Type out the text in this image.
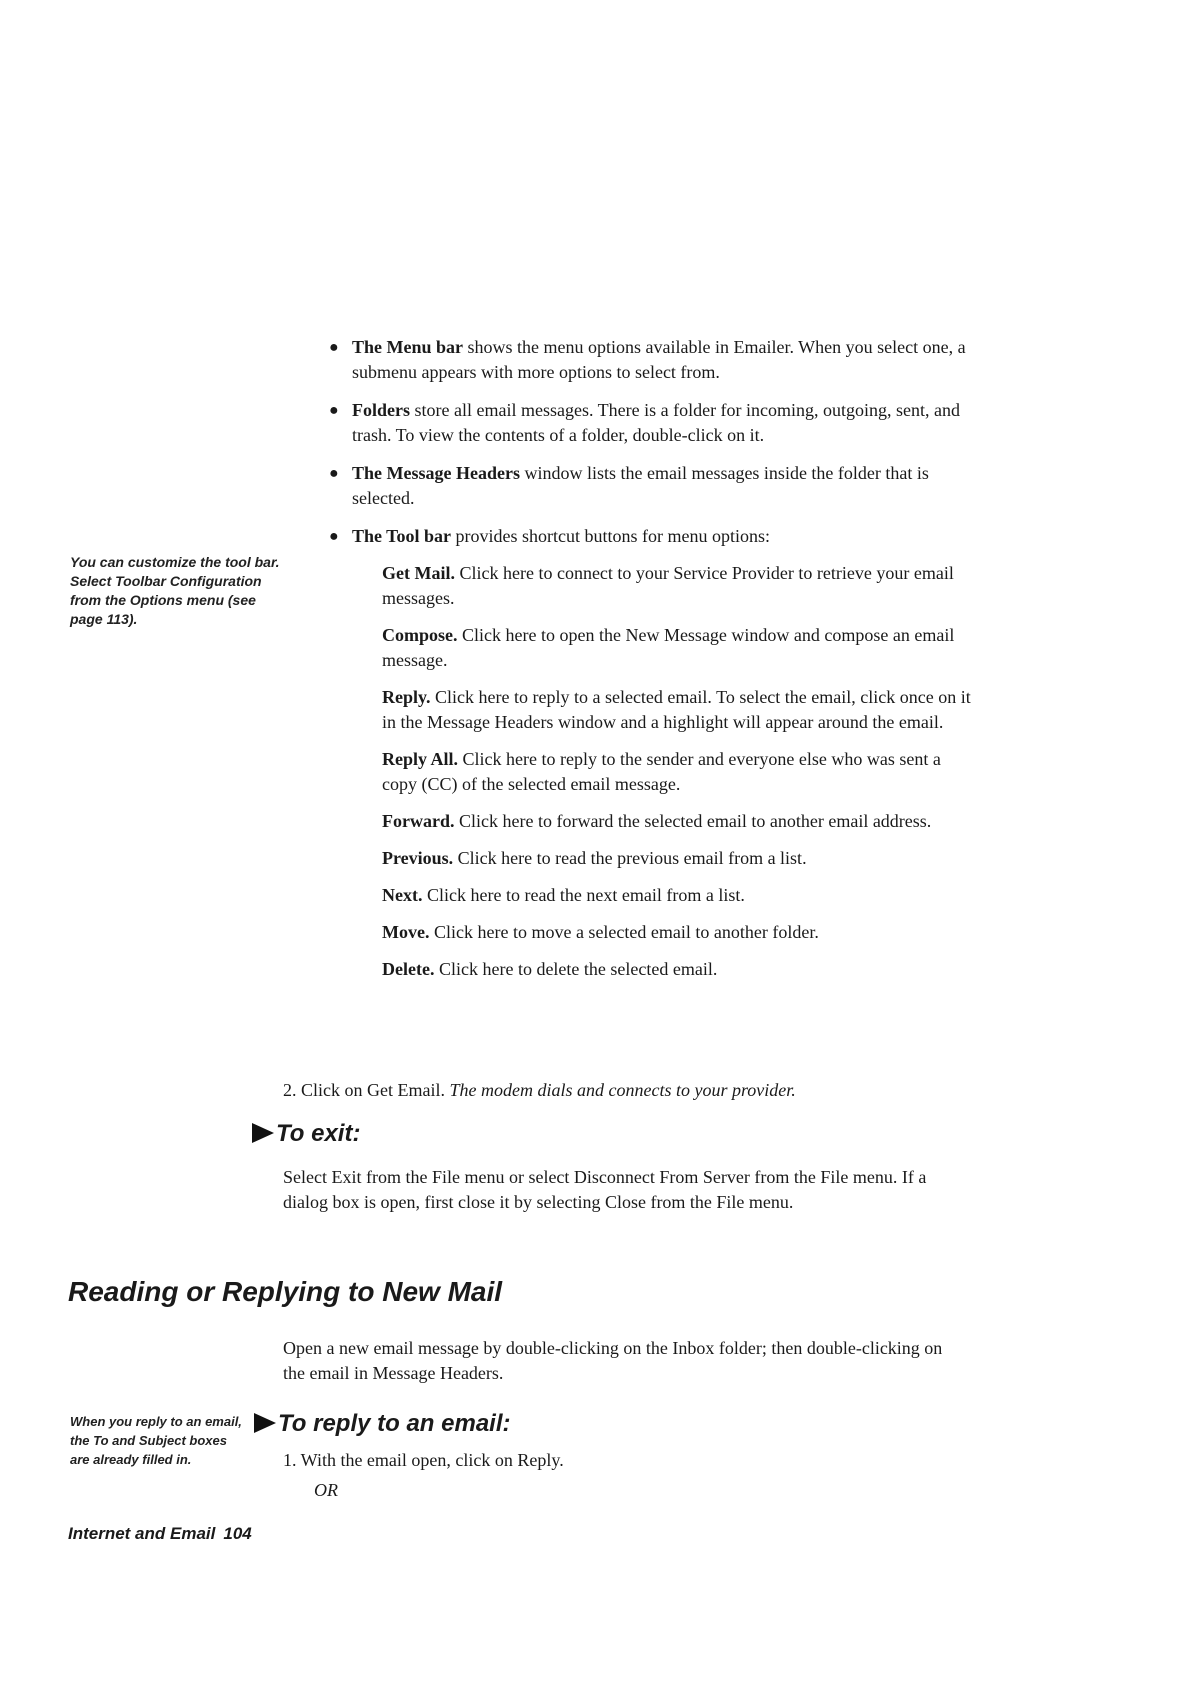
● The Menu bar shows the menu options available in Emailer. When you select one, a submenu appears with more options to select from.
● Folders store all email messages. There is a folder for incoming, outgoing, sent, and trash. To view the contents of a folder, double-click on it.
● The Message Headers window lists the email messages inside the folder that is selected.
● The Tool bar provides shortcut buttons for menu options:

Get Mail. Click here to connect to your Service Provider to retrieve your email messages.

Compose. Click here to open the New Message window and compose an email message.

Reply. Click here to reply to a selected email. To select the email, click once on it in the Message Headers window and a highlight will appear around the email.

Reply All. Click here to reply to the sender and everyone else who was sent a copy (CC) of the selected email message.

Forward. Click here to forward the selected email to another email address.

Previous. Click here to read the previous email from a list.

Next. Click here to read the next email from a list.

Move. Click here to move a selected email to another folder.

Delete. Click here to delete the selected email.

2. Click on Get Email. The modem dials and connects to your provider.
To exit:

Select Exit from the File menu or select Disconnect From Server from the File menu. If a dialog box is open, first close it by selecting Close from the File menu.

Reading or Replying to New Mail

Open a new email message by double-clicking on the Inbox folder; then double-clicking on the email in Message Headers.

To reply to an email:
1. With the email open, click on Reply.
OR

You can customize the tool bar. Select Toolbar Configuration from the Options menu (see page 113).

When you reply to an email, the To and Subject boxes are already filled in.

Internet and Email 104
